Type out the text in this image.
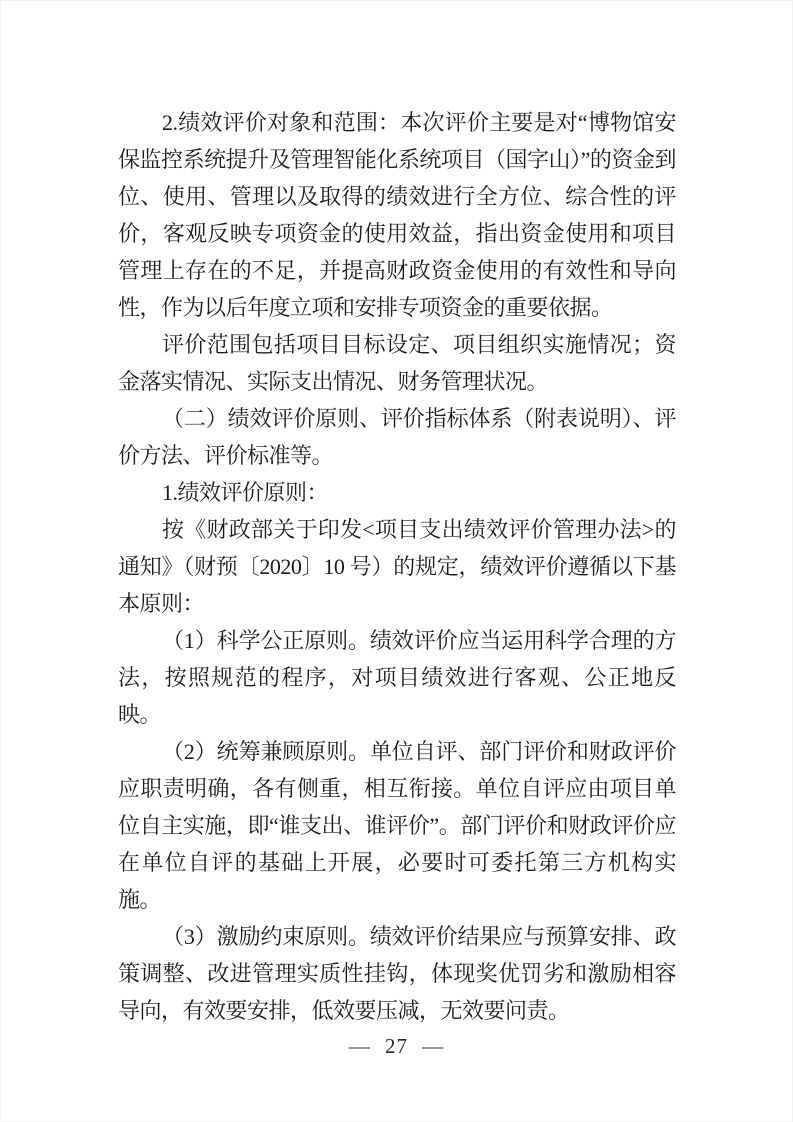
2.绩效评价对象和范围：本次评价主要是对“博物馆安保监控系统提升及管理智能化系统项目（国字山）”的资金到位、使用、管理以及取得的绩效进行全方位、综合性的评价，客观反映专项资金的使用效益，指出资金使用和项目管理上存在的不足，并提高财政资金使用的有效性和导向性，作为以后年度立项和安排专项资金的重要依据。

评价范围包括项目目标设定、项目组织实施情况；资金落实情况、实际支出情况、财务管理状况。

（二）绩效评价原则、评价指标体系（附表说明）、评价方法、评价标准等。

1.绩效评价原则：

按《财政部关于印发<项目支出绩效评价管理办法>的通知》（财预〔2020〕10 号）的规定，绩效评价遵循以下基本原则：

（1）科学公正原则。绩效评价应当运用科学合理的方法，按照规范的程序，对项目绩效进行客观、公正地反映。

（2）统筹兼顾原则。单位自评、部门评价和财政评价应职责明确，各有侧重，相互衔接。单位自评应由项目单位自主实施，即“谁支出、谁评价”。部门评价和财政评价应在单位自评的基础上开展，必要时可委托第三方机构实施。

（3）激励约束原则。绩效评价结果应与预算安排、政策调整、改进管理实质性挂钩，体现奖优罚劣和激励相容导向，有效要安排，低效要压减，无效要问责。

— 27 —
